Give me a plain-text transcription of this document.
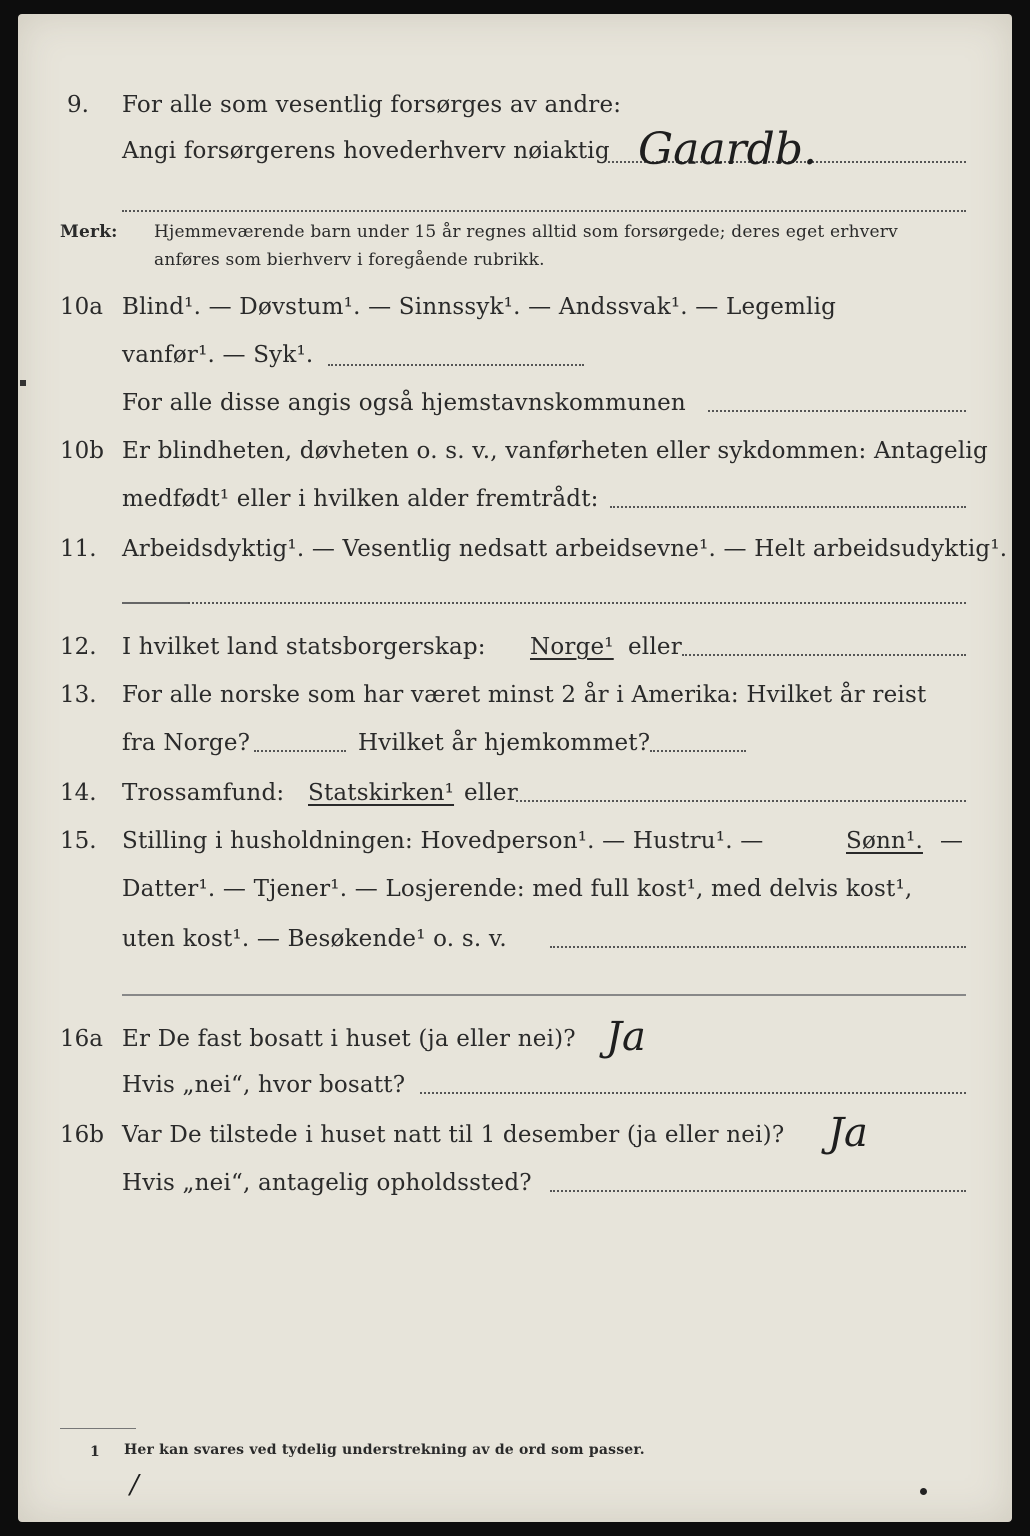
9. For alle som vesentlig forsørges av andre:
Angi forsørgerens hovederhverv nøiaktig Gaardb.
Merk: Hjemmeværende barn under 15 år regnes alltid som forsørgede; deres eget erhverv
anføres som bierhverv i foregående rubrikk.
10a Blind¹. — Døvstum¹. — Sinnssyk¹. — Andssvak¹. — Legemlig
vanfør¹. — Syk¹.
For alle disse angis også hjemstavnskommunen
10b Er blindheten, døvheten o. s. v., vanførheten eller sykdommen: Antagelig
medfødt¹ eller i hvilken alder fremtrådt:
11. Arbeidsdyktig¹. — Vesentlig nedsatt arbeidsevne¹. — Helt arbeidsudyktig¹.
12. I hvilket land statsborgerskap: Norge¹ eller
13. For alle norske som har været minst 2 år i Amerika: Hvilket år reist
fra Norge?	Hvilket år hjemkommet?
14. Trossamfund: Statskirken¹ eller
15. Stilling i husholdningen: Hovedperson¹. — Hustru¹. —	Sønn¹. —
Datter¹. — Tjener¹. — Losjerende: med full kost¹, med delvis kost¹,
uten kost¹. — Besøkende¹ o. s. v.
16a Er De fast bosatt i huset (ja eller nei)? Ja
Hvis „nei“, hvor bosatt?
16b Var De tilstede i huset natt til 1 desember (ja eller nei)? Ja
Hvis „nei“, antagelig opholdssted?
1 Her kan svares ved tydelig understrekning av de ord som passer.
/
